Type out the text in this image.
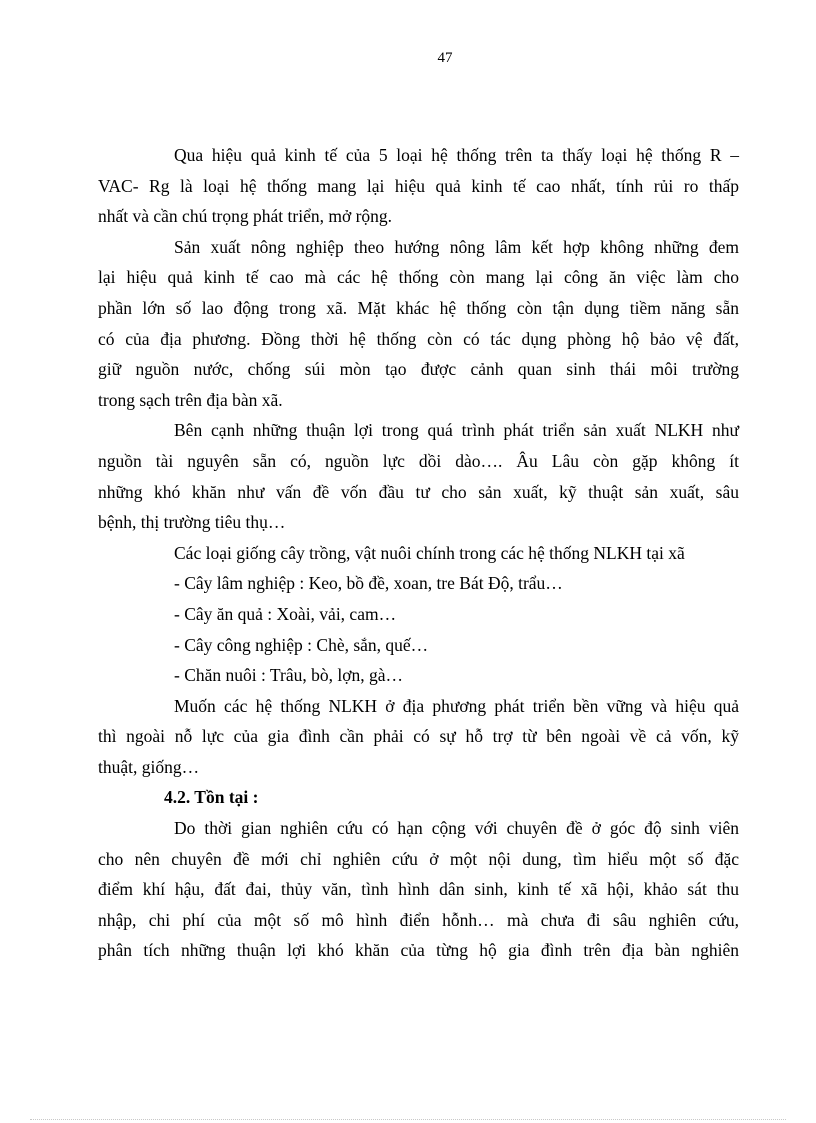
47
Qua hiệu quả kinh tế của 5 loại hệ thống trên ta thấy loại hệ thống R –
VAC- Rg là loại hệ thống mang lại hiệu quả kinh tế cao nhất, tính rủi ro thấp
nhất và cần chú trọng phát triển, mở rộng.
Sản xuất nông nghiệp theo hướng nông lâm kết hợp không những đem
lại hiệu quả kinh tế cao mà các hệ thống còn mang lại công ăn việc làm cho
phần lớn số lao động trong xã. Mặt khác hệ thống còn tận dụng tiềm năng sẵn
có của địa phương. Đồng thời hệ thống còn có tác dụng phòng hộ bảo vệ đất,
giữ nguồn nước, chống súi mòn tạo được cảnh quan sinh thái môi trường
trong sạch trên địa bàn xã.
Bên cạnh những thuận lợi trong quá trình phát triển sản xuất NLKH như
nguồn tài nguyên sẵn có, nguồn lực dồi dào…. Âu Lâu còn gặp không ít
những khó khăn như vấn đề vốn đầu tư cho sản xuất, kỹ thuật sản xuất, sâu
bệnh, thị trường tiêu thụ…
Các loại giống cây trồng, vật nuôi chính trong các hệ thống NLKH tại xã
- Cây lâm nghiệp : Keo, bồ đề, xoan, tre Bát Độ, trẩu…
- Cây ăn quả : Xoài, vải, cam…
- Cây công nghiệp : Chè, sắn, quế…
- Chăn nuôi : Trâu, bò, lợn, gà…
Muốn các hệ thống NLKH ở địa phương phát triển bền vững và hiệu quả
thì ngoài nỗ lực của gia đình cần phải có sự hỗ trợ từ bên ngoài về cả vốn, kỹ
thuật, giống…
4.2. Tồn tại :
Do thời gian nghiên cứu có hạn cộng với chuyên đề ở góc độ sinh viên
cho nên chuyên đề mới chỉ nghiên cứu ở một nội dung, tìm hiểu một số đặc
điểm khí hậu, đất đai, thủy văn, tình hình dân sinh, kinh tế xã hội, khảo sát thu
nhập, chi phí của một số mô hình điển hỗnh… mà chưa đi sâu nghiên cứu,
phân tích những thuận lợi khó khăn của từng hộ gia đình trên địa bàn nghiên
